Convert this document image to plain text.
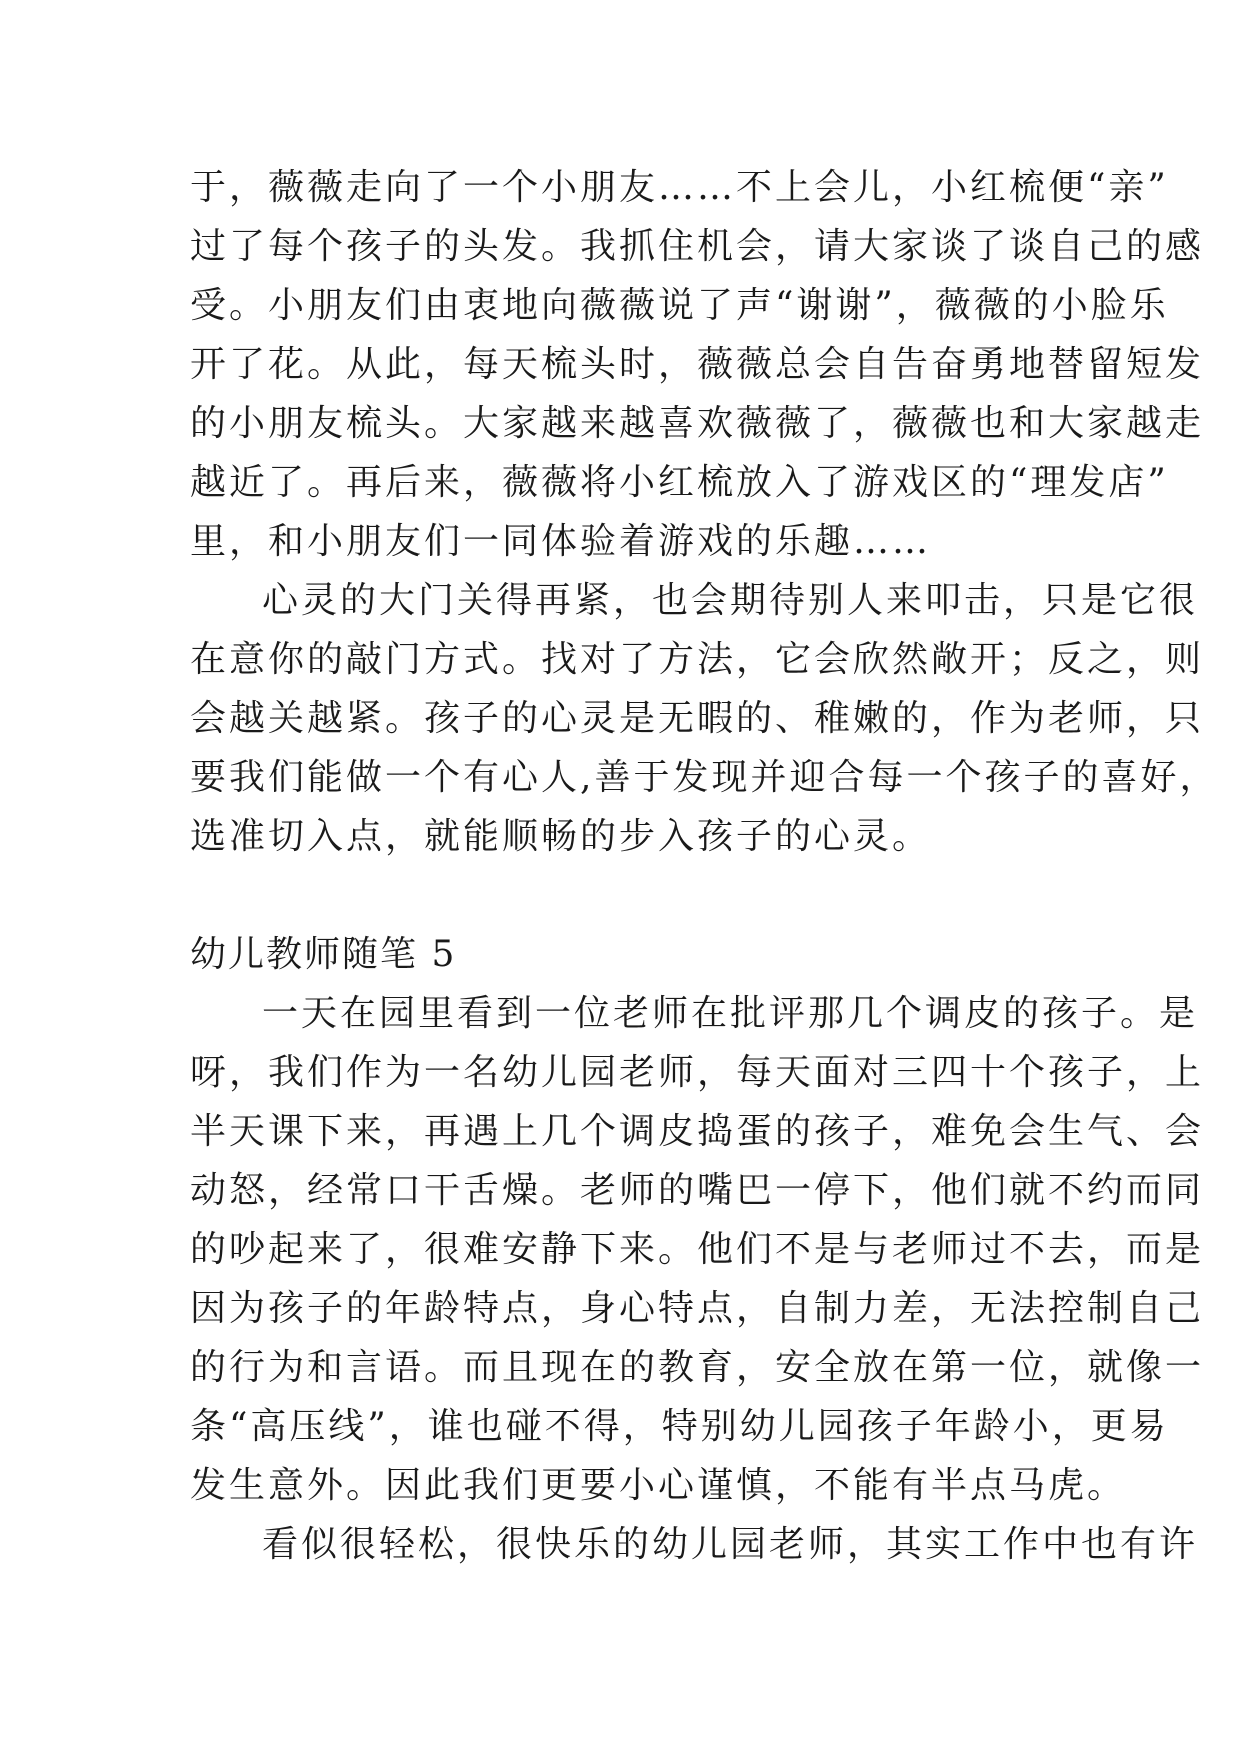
于，薇薇走向了一个小朋友……不上会儿，小红梳便“亲”
过了每个孩子的头发。我抓住机会，请大家谈了谈自己的感
受。小朋友们由衷地向薇薇说了声“谢谢”，薇薇的小脸乐
开了花。从此，每天梳头时，薇薇总会自告奋勇地替留短发
的小朋友梳头。大家越来越喜欢薇薇了，薇薇也和大家越走
越近了。再后来，薇薇将小红梳放入了游戏区的“理发店”
里，和小朋友们一同体验着游戏的乐趣……
心灵的大门关得再紧，也会期待别人来叩击，只是它很
在意你的敲门方式。找对了方法，它会欣然敞开；反之，则
会越关越紧。孩子的心灵是无暇的、稚嫩的，作为老师，只
要我们能做一个有心人,善于发现并迎合每一个孩子的喜好，
选准切入点，就能顺畅的步入孩子的心灵。
幼儿教师随笔 5
一天在园里看到一位老师在批评那几个调皮的孩子。是
呀，我们作为一名幼儿园老师，每天面对三四十个孩子，上
半天课下来，再遇上几个调皮捣蛋的孩子，难免会生气、会
动怒，经常口干舌燥。老师的嘴巴一停下，他们就不约而同
的吵起来了，很难安静下来。他们不是与老师过不去，而是
因为孩子的年龄特点，身心特点，自制力差，无法控制自己
的行为和言语。而且现在的教育，安全放在第一位，就像一
条“高压线”，谁也碰不得，特别幼儿园孩子年龄小，更易
发生意外。因此我们更要小心谨慎，不能有半点马虎。
看似很轻松，很快乐的幼儿园老师，其实工作中也有许
